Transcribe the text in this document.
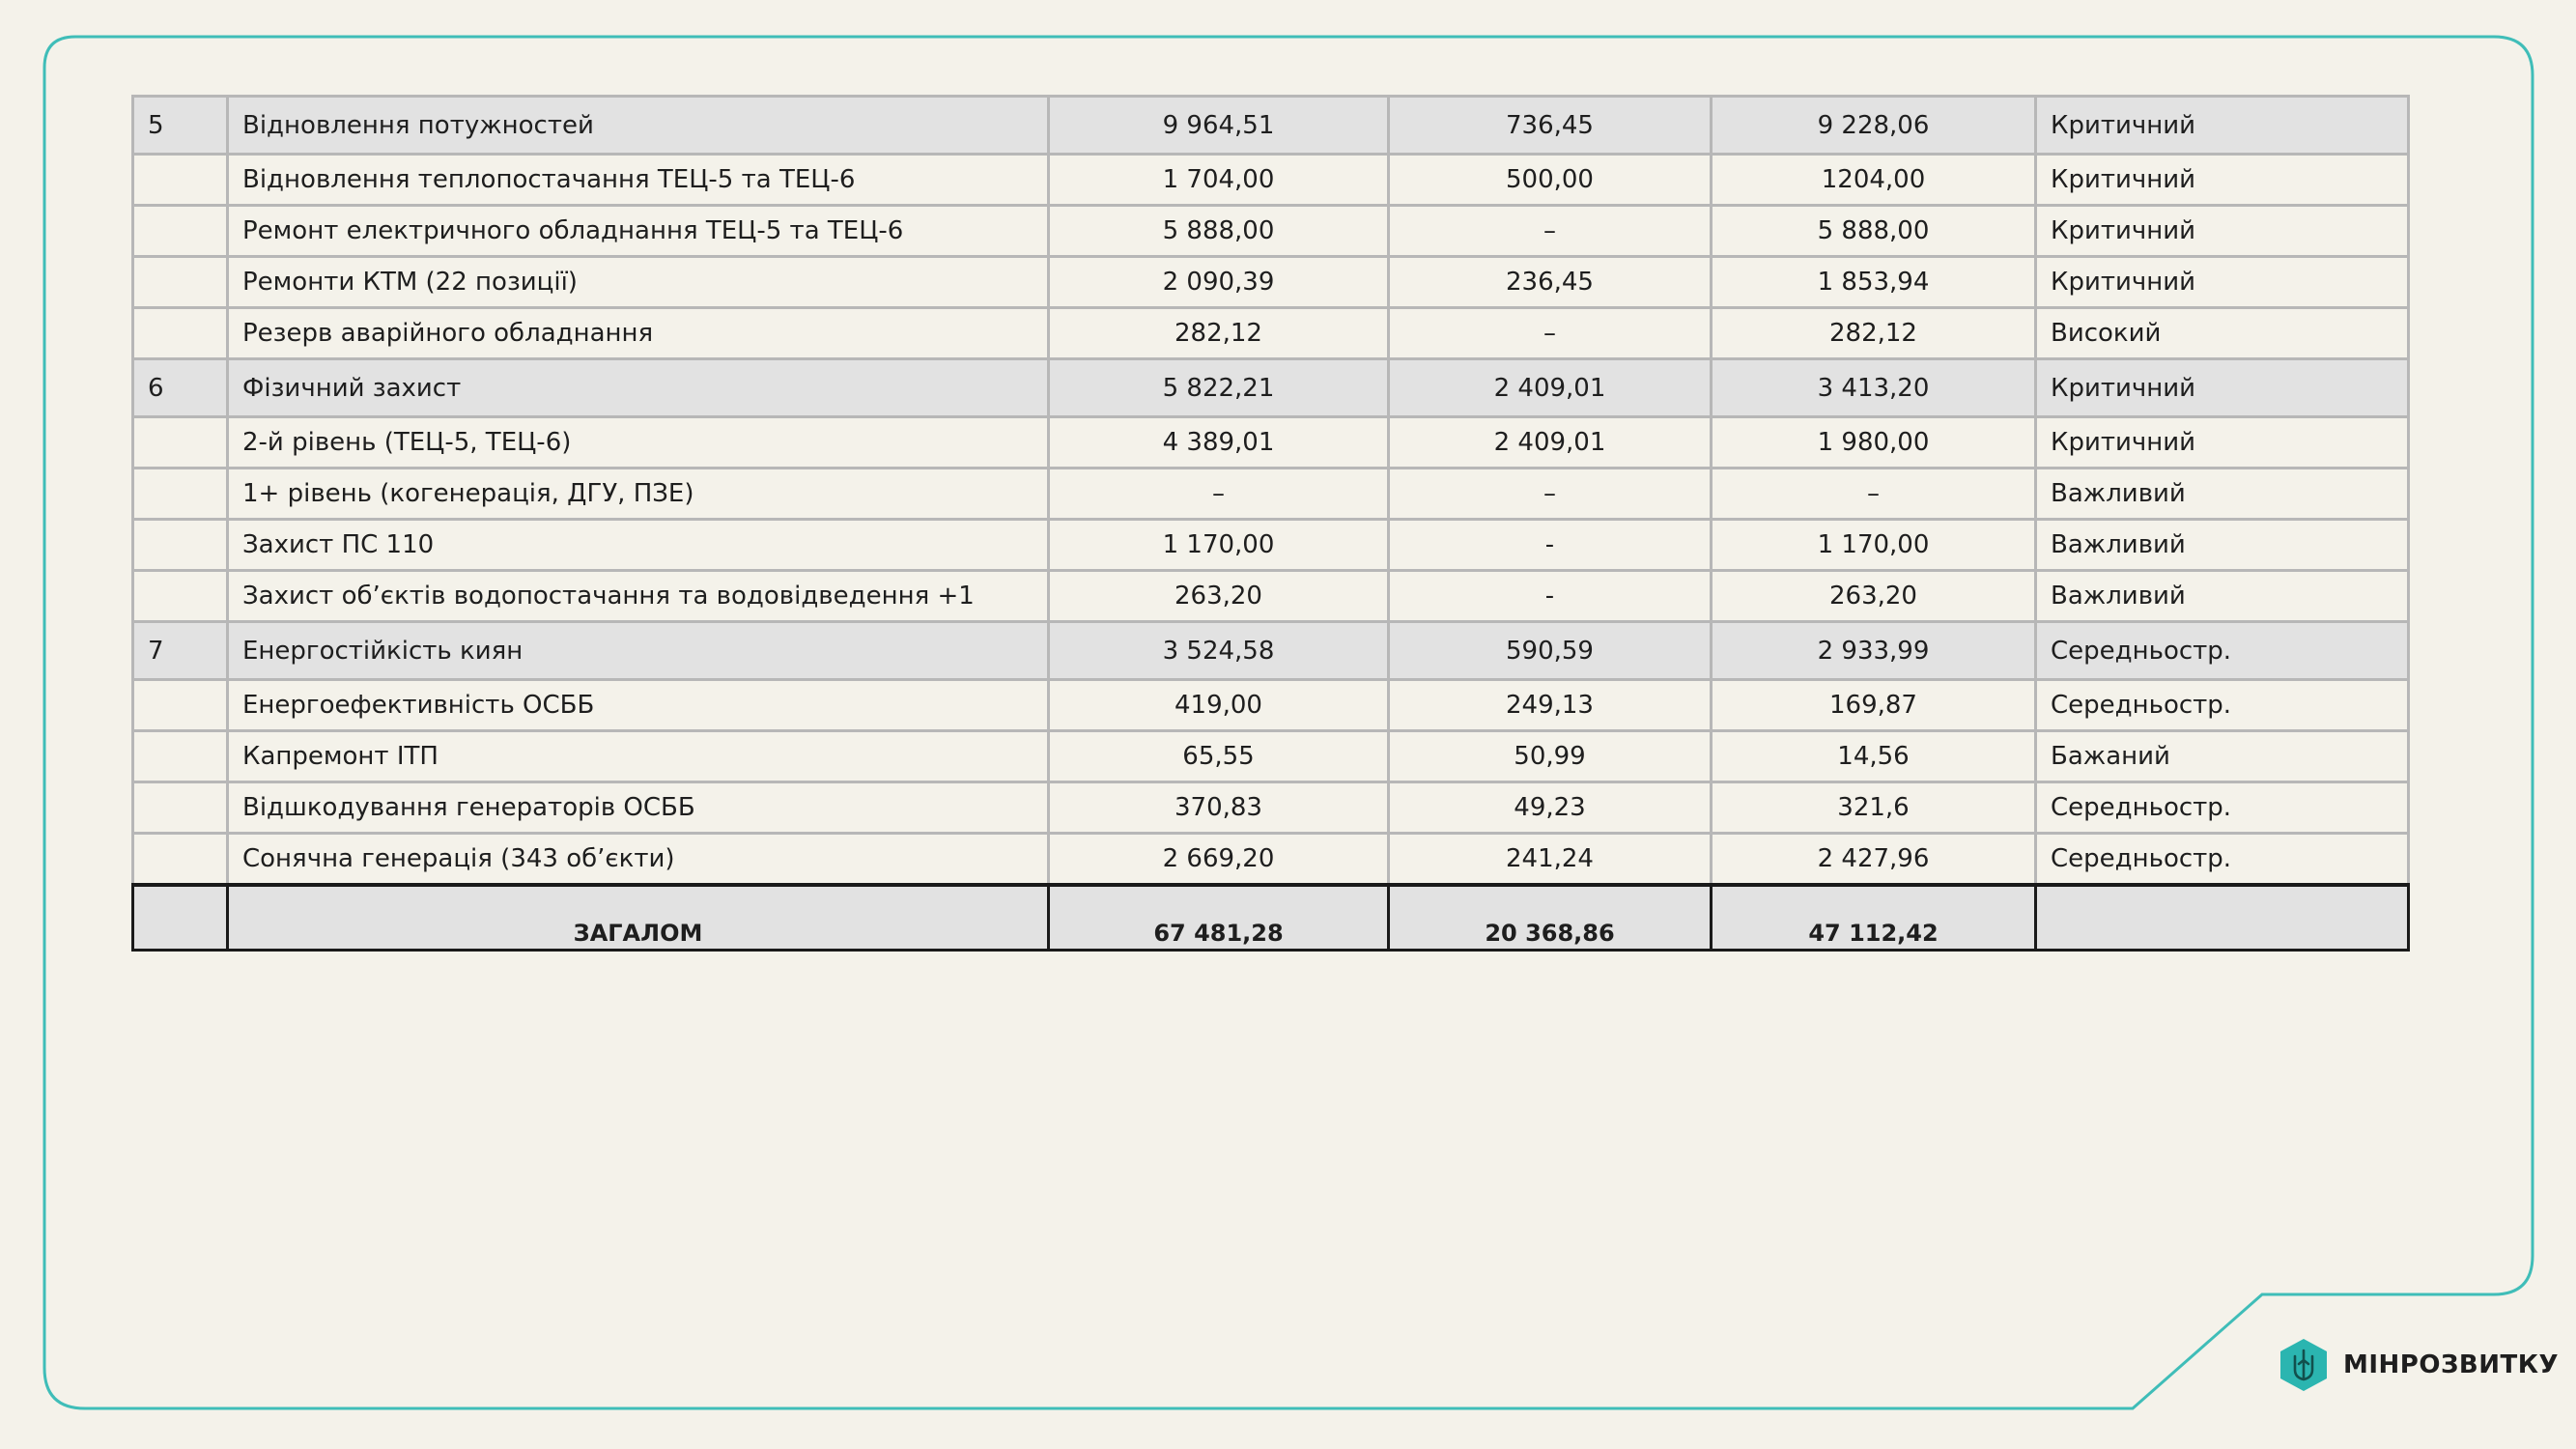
5	Відновлення потужностей	9 964,51	736,45	9 228,06	Критичний
	Відновлення теплопостачання ТЕЦ-5 та ТЕЦ-6	1 704,00	500,00	1204,00	Критичний
	Ремонт електричного обладнання ТЕЦ-5 та ТЕЦ-6	5 888,00	–	5 888,00	Критичний
	Ремонти КТМ (22 позиції)	2 090,39	236,45	1 853,94	Критичний
	Резерв аварійного обладнання	282,12	–	282,12	Високий
6	Фізичний захист	5 822,21	2 409,01	3 413,20	Критичний
	2-й рівень (ТЕЦ-5, ТЕЦ-6)	4 389,01	2 409,01	1 980,00	Критичний
	1+ рівень (когенерація, ДГУ, ПЗЕ)	–	–	–	Важливий
	Захист ПС 110	1 170,00	-	1 170,00	Важливий
	Захист об’єктів водопостачання та водовідведення +1	263,20	-	263,20	Важливий
7	Енергостійкість киян	3 524,58	590,59	2 933,99	Середньостр.
	Енергоефективність ОСББ	419,00	249,13	169,87	Середньостр.
	Капремонт ІТП	65,55	50,99	14,56	Бажаний
	Відшкодування генераторів ОСББ	370,83	49,23	321,6	Середньостр.
	Сонячна генерація (343 об’єкти)	2 669,20	241,24	2 427,96	Середньостр.
	ЗАГАЛОМ	67 481,28	20 368,86	47 112,42	
МІНРОЗВИТКУ
